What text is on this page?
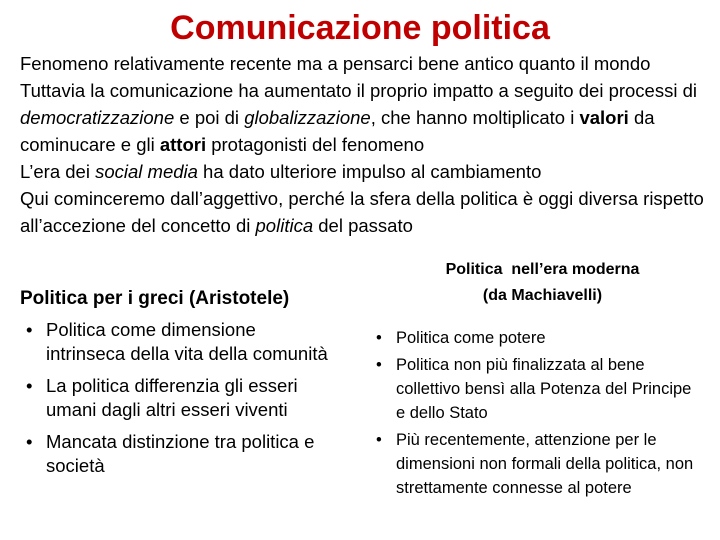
Comunicazione politica

Fenomeno relativamente recente ma a pensarci bene antico quanto il mondo

Tuttavia la comunicazione ha aumentato il proprio impatto a seguito dei processi di democratizzazione e poi di globalizzazione, che hanno moltiplicato i valori da cominucare e gli attori protagonisti del fenomeno

L’era dei social media ha dato ulteriore impulso al cambiamento

Qui cominceremo dall’aggettivo, perché la sfera della politica è oggi diversa rispetto all’accezione del concetto di politica del passato

Politica per i greci (Aristotele)
Politica  nell’era moderna
(da Machiavelli)
• Politica come dimensione intrinseca della vita della comunità
• La politica differenzia gli esseri umani dagli altri esseri viventi
• Mancata distinzione tra politica e società
• Politica come potere
• Politica non più finalizzata al bene collettivo bensì alla Potenza del Principe e dello Stato
• Più recentemente, attenzione per le dimensioni non formali della politica, non strettamente connesse al potere
